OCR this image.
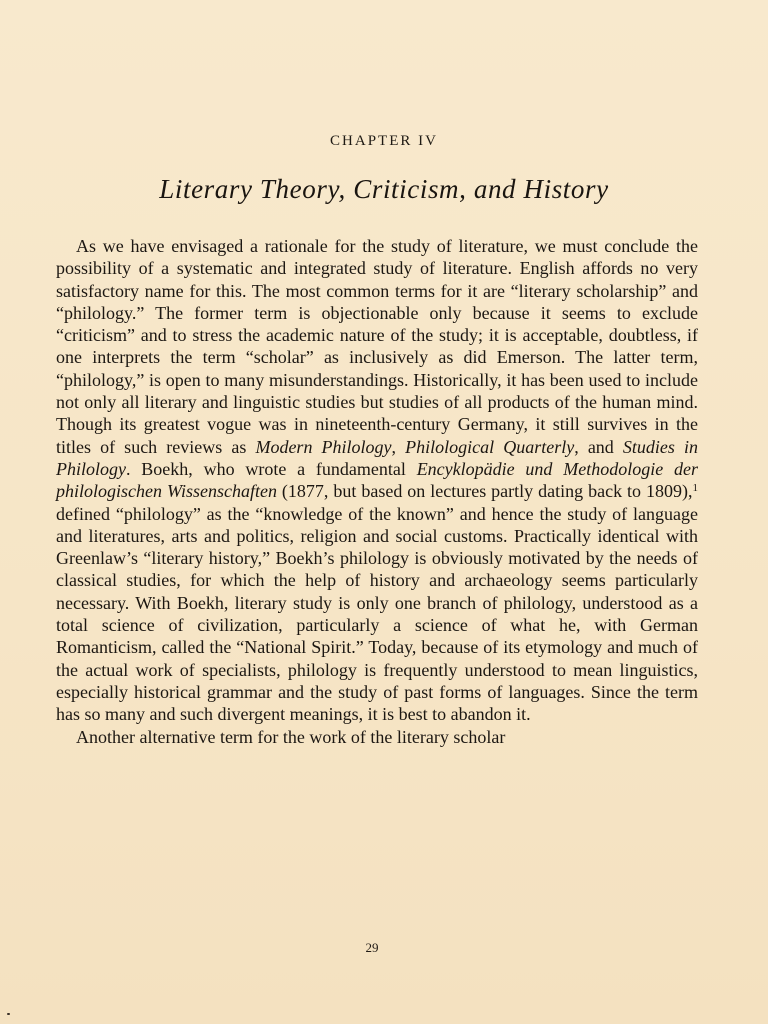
CHAPTER IV
Literary Theory, Criticism, and History

As we have envisaged a rationale for the study of literature, we must conclude the possibility of a systematic and integrated study of literature. English affords no very satisfactory name for this. The most common terms for it are “literary scholarship” and “philology.” The former term is objectionable only because it seems to exclude “criticism” and to stress the academic nature of the study; it is acceptable, doubtless, if one interprets the term “scholar” as inclusively as did Emerson. The latter term, “philology,” is open to many misunderstandings. Historically, it has been used to include not only all literary and linguistic studies but studies of all products of the human mind. Though its greatest vogue was in nineteenth-century Germany, it still survives in the titles of such reviews as Modern Philology, Philological Quarterly, and Studies in Philology. Boekh, who wrote a fundamental Encyklopädie und Methodologie der philologischen Wissenschaften (1877, but based on lectures partly dating back to 1809),$^1$ defined “philology” as the “knowledge of the known” and hence the study of language and literatures, arts and politics, religion and social customs. Practically identical with Greenlaw’s “literary history,” Boekh’s philology is obviously motivated by the needs of classical studies, for which the help of history and archaeology seems particularly necessary. With Boekh, literary study is only one branch of philology, understood as a total science of civilization, particularly a science of what he, with German Romanticism, called the “National Spirit.” Today, because of its etymology and much of the actual work of specialists, philology is frequently understood to mean linguistics, especially historical grammar and the study of past forms of languages. Since the term has so many and such divergent meanings, it is best to abandon it.

Another alternative term for the work of the literary scholar

29
